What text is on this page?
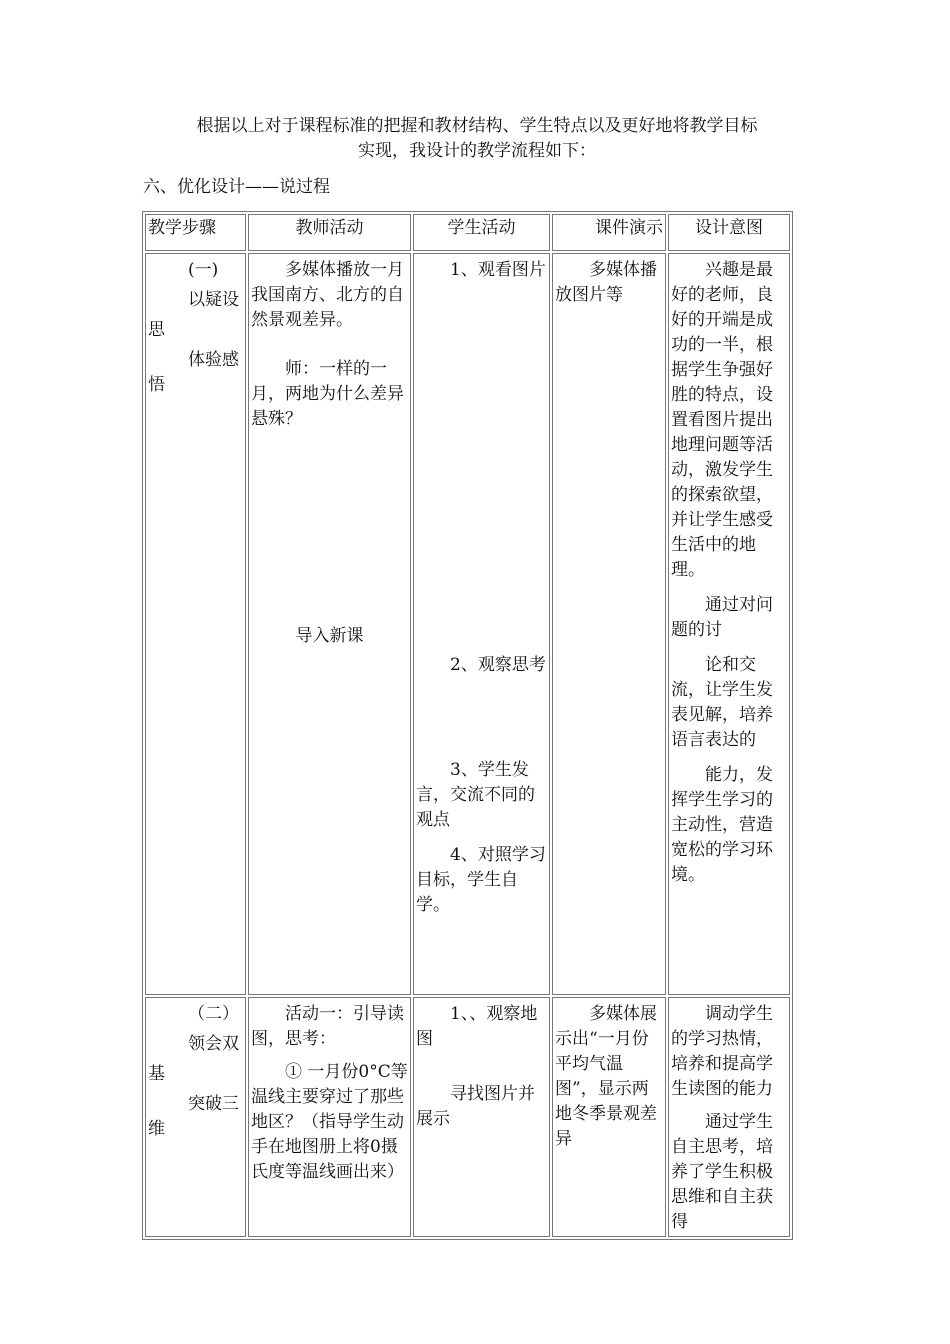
根据以上对于课程标准的把握和教材结构、学生特点以及更好地将教学目标

实现，我设计的教学流程如下：

六、优化设计——说过程
教学步骤	教师活动	学生活动	课件演示	设计意图

(一)
以疑设
思
体验感
悟	多媒体播放一月我国南方、北方的自然景观差异。
师：一样的一月，两地为什么差异悬殊？
导入新课	1、观看图片
2、观察思考
3、学生发言，交流不同的观点
4、对照学习目标，学生自学。	多媒体播放图片等	兴趣是最好的老师，良好的开端是成功的一半，根据学生争强好胜的特点，设置看图片提出地理问题等活动，激发学生的探索欲望，并让学生感受生活中的地理。
通过对问题的讨
论和交流，让学生发表见解，培养语言表达的
能力，发挥学生学习的主动性，营造宽松的学习环境。

（二）
领会双
基
突破三
维	活动一：引导读图，思考：
① 一月份0°C等温线主要穿过了那些地区？（指导学生动手在地图册上将0摄氏度等温线画出来）	1、、观察地图
寻找图片并展示	多媒体展示出“一月份平均气温图”，显示两地冬季景观差异	调动学生的学习热情，培养和提高学生读图的能力
通过学生自主思考，培养了学生积极思维和自主获得
